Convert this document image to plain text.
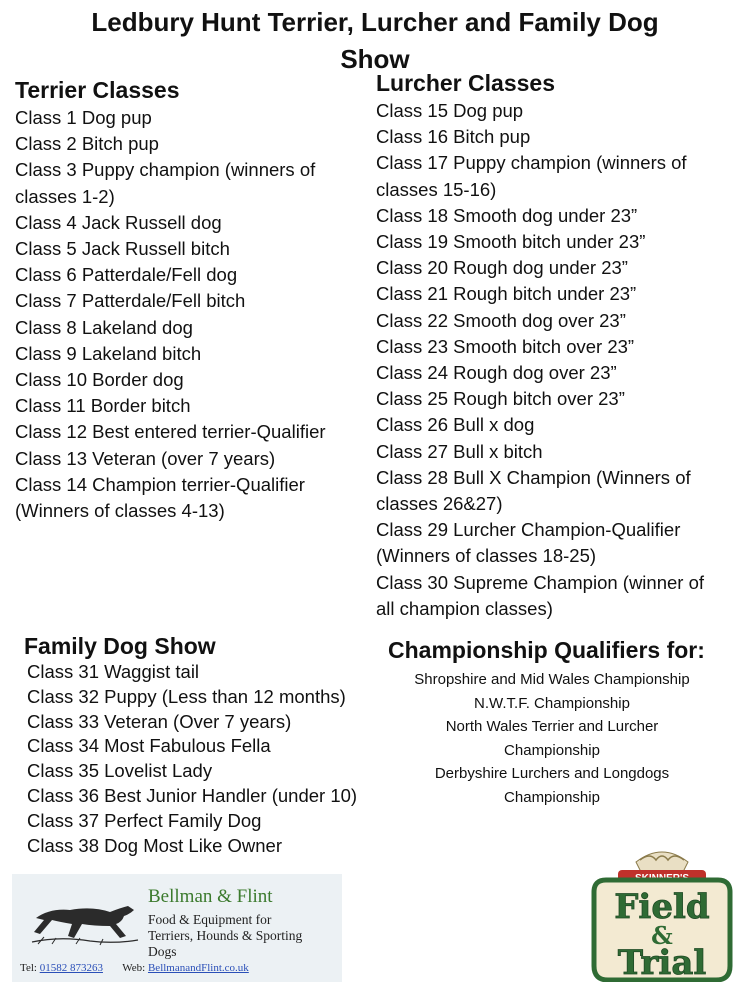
Ledbury Hunt Terrier, Lurcher and Family Dog
Show
Terrier Classes
Class 1 Dog pup
Class 2 Bitch pup
Class 3 Puppy champion (winners of
classes 1-2)
Class 4 Jack Russell dog
Class 5 Jack Russell bitch
Class 6 Patterdale/Fell dog
Class 7 Patterdale/Fell bitch
Class 8 Lakeland dog
Class 9 Lakeland bitch
Class 10 Border dog
Class 11 Border bitch
Class 12 Best entered terrier-Qualifier
Class 13 Veteran (over 7 years)
Class 14 Champion terrier-Qualifier
(Winners of classes 4-13)
Lurcher Classes
Class 15 Dog pup
Class 16 Bitch pup
Class 17 Puppy champion (winners of
classes 15-16)
Class 18 Smooth dog under 23”
Class 19 Smooth bitch under 23”
Class 20 Rough dog under 23”
Class 21 Rough bitch under 23”
Class 22 Smooth dog over 23”
Class 23 Smooth bitch over 23”
Class 24 Rough dog over 23”
Class 25 Rough bitch over 23”
Class 26 Bull x dog
Class 27 Bull x bitch
Class 28 Bull X Champion (Winners of
classes 26&27)
Class 29 Lurcher Champion-Qualifier
(Winners of classes 18-25)
Class 30 Supreme Champion (winner of
all champion classes)
Family Dog Show
Class 31 Waggist tail
Class 32 Puppy (Less than 12 months)
Class 33 Veteran (Over 7 years)
Class 34 Most Fabulous Fella
Class 35 Lovelist Lady
Class 36 Best Junior Handler (under 10)
Class 37 Perfect Family Dog
Class 38 Dog Most Like Owner
Championship Qualifiers for:
Shropshire and Mid Wales Championship
N.W.T.F. Championship
North Wales Terrier and Lurcher
Championship
Derbyshire Lurchers and Longdogs
Championship
Bellman & Flint
Food & Equipment for
Terriers, Hounds & Sporting
Dogs
Tel: 01582 873263 Web: BellmanandFlint.co.uk
Field
&
Trial
